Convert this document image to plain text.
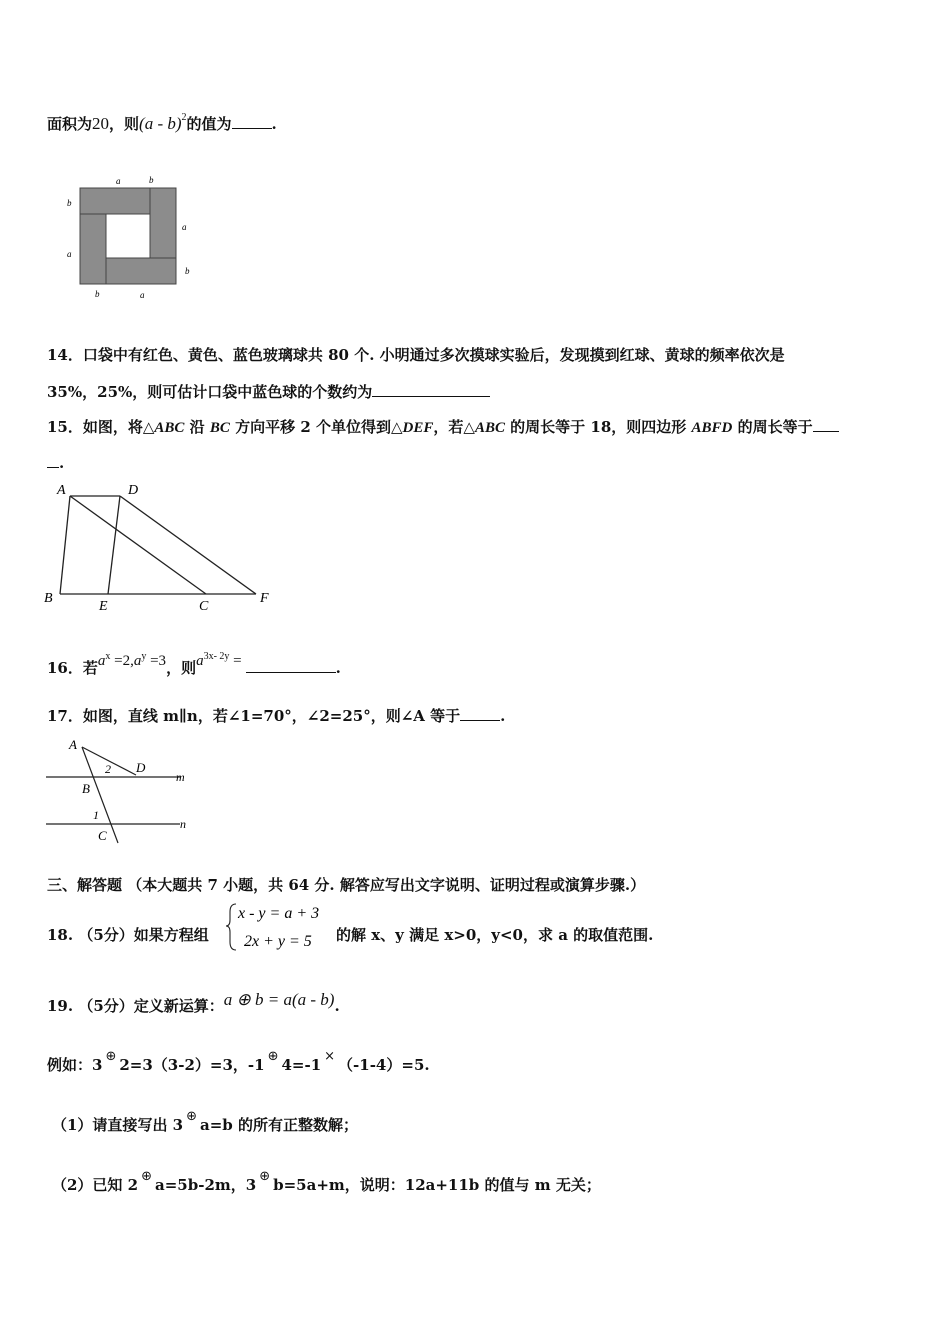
面积为20，则(a - b)$^2$的值为	.
a	b
b
a
a
b
b	a
14．口袋中有红色、黄色、蓝色玻璃球共 80 个. 小明通过多次摸球实验后，发现摸到红球、黄球的频率依次是
35%，25%，则可估计口袋中蓝色球的个数约为
15．如图，将△ABC 沿 BC 方向平移 2 个单位得到△DEF，若△ABC 的周长等于 18，则四边形 ABFD 的周长等于
.
A	D
B
E	C
F
16．若$a^x =2,a^y =3$，则$a^{3x- 2y}$ =	.
17．如图，直线 m∥n，若∠1=70°，∠2=25°，则∠A 等于	.
A
2 D
m
B
1
n
C
三、解答题 （本大题共 7 小题，共 64 分. 解答应写出文字说明、证明过程或演算步骤.）
18. （5分）如果方程组
x - y = a + 3
2x + y = 5 的解 x、y 满足 x>0，y<0，求 a 的取值范围.
19. （5分）定义新运算：a ⊕ b = a(a - b).
例如：3 ⊕ 2=3（3-2）=3，-1 ⊕ 4=-1 × （-1-4）=5.
（1）请直接写出 3 ⊕ a=b 的所有正整数解；
（2）已知 2 ⊕ a=5b-2m，3 ⊕ b=5a+m，说明：12a+11b 的值与 m 无关；
